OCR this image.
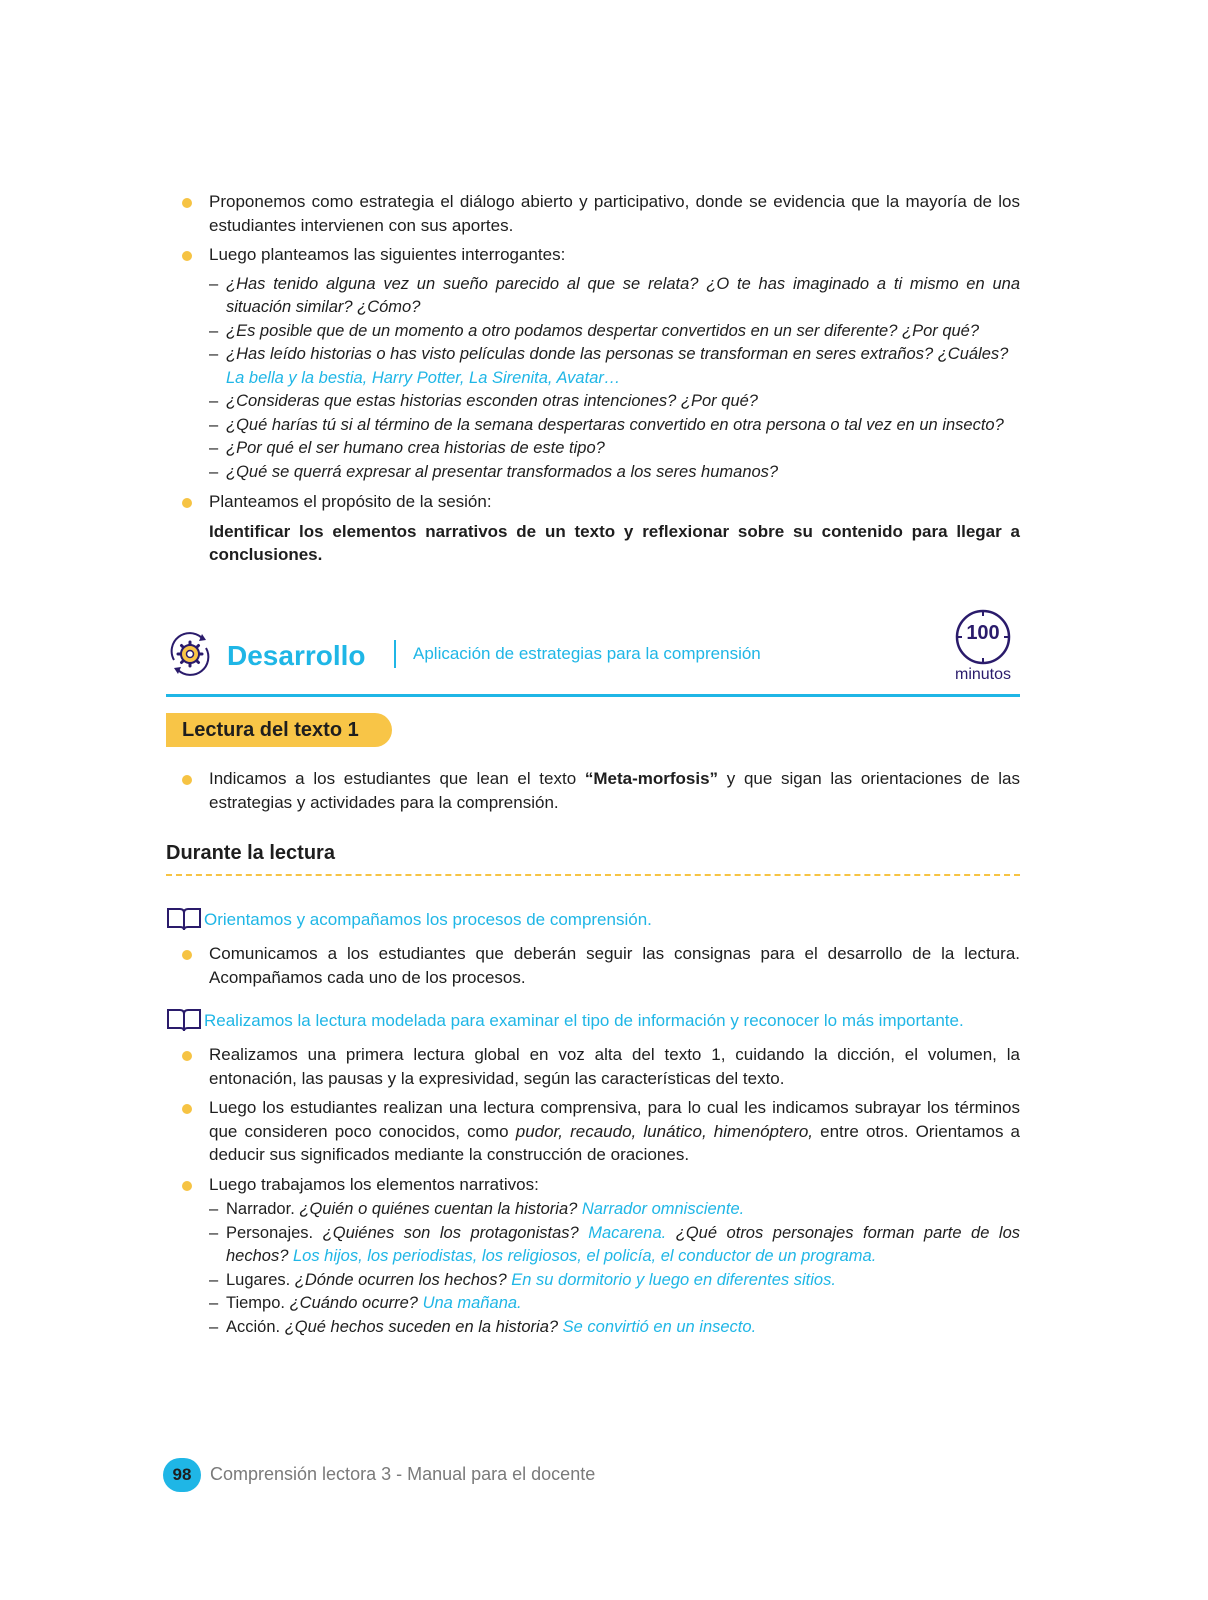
Proponemos como estrategia el diálogo abierto y participativo, donde se evidencia que la mayoría de los estudiantes intervienen con sus aportes.
Luego planteamos las siguientes interrogantes:

– ¿Has tenido alguna vez un sueño parecido al que se relata? ¿O te has imaginado a ti mismo en una situación similar? ¿Cómo?

– ¿Es posible que de un momento a otro podamos despertar convertidos en un ser diferente? ¿Por qué?

– ¿Has leído historias o has visto películas donde las personas se transforman en seres extraños? ¿Cuáles?
La bella y la bestia, Harry Potter, La Sirenita, Avatar…

– ¿Consideras que estas historias esconden otras intenciones? ¿Por qué?

– ¿Qué harías tú si al término de la semana despertaras convertido en otra persona o tal vez en un insecto?

– ¿Por qué el ser humano crea historias de este tipo?

– ¿Qué se querrá expresar al presentar transformados a los seres humanos?

Planteamos el propósito de la sesión:
Identificar los elementos narrativos de un texto y reflexionar sobre su contenido para llegar a conclusiones.
Desarrollo	Aplicación de estrategias para la comprensión
100
minutos
Lectura del texto 1
Indicamos a los estudiantes que lean el texto “Meta-morfosis” y que sigan las orientaciones de las estrategias y actividades para la comprensión.
Durante la lectura
Orientamos y acompañamos los procesos de comprensión.
Comunicamos a los estudiantes que deberán seguir las consignas para el desarrollo de la lectura. Acompañamos cada uno de los procesos.
Realizamos la lectura modelada para examinar el tipo de información y reconocer lo más importante.
Realizamos una primera lectura global en voz alta del texto 1, cuidando la dicción, el volumen, la entonación, las pausas y la expresividad, según las características del texto.
Luego los estudiantes realizan una lectura comprensiva, para lo cual les indicamos subrayar los términos que consideren poco conocidos, como pudor, recaudo, lunático, himenóptero, entre otros. Orientamos a deducir sus significados mediante la construcción de oraciones.
Luego trabajamos los elementos narrativos:

– Narrador. ¿Quién o quiénes cuentan la historia? Narrador omnisciente.

– Personajes. ¿Quiénes son los protagonistas? Macarena. ¿Qué otros personajes forman parte de los hechos? Los hijos, los periodistas, los religiosos, el policía, el conductor de un programa.

– Lugares. ¿Dónde ocurren los hechos? En su dormitorio y luego en diferentes sitios.

– Tiempo. ¿Cuándo ocurre? Una mañana.

– Acción. ¿Qué hechos suceden en la historia? Se convirtió en un insecto.

98	Comprensión lectora 3 - Manual para el docente
